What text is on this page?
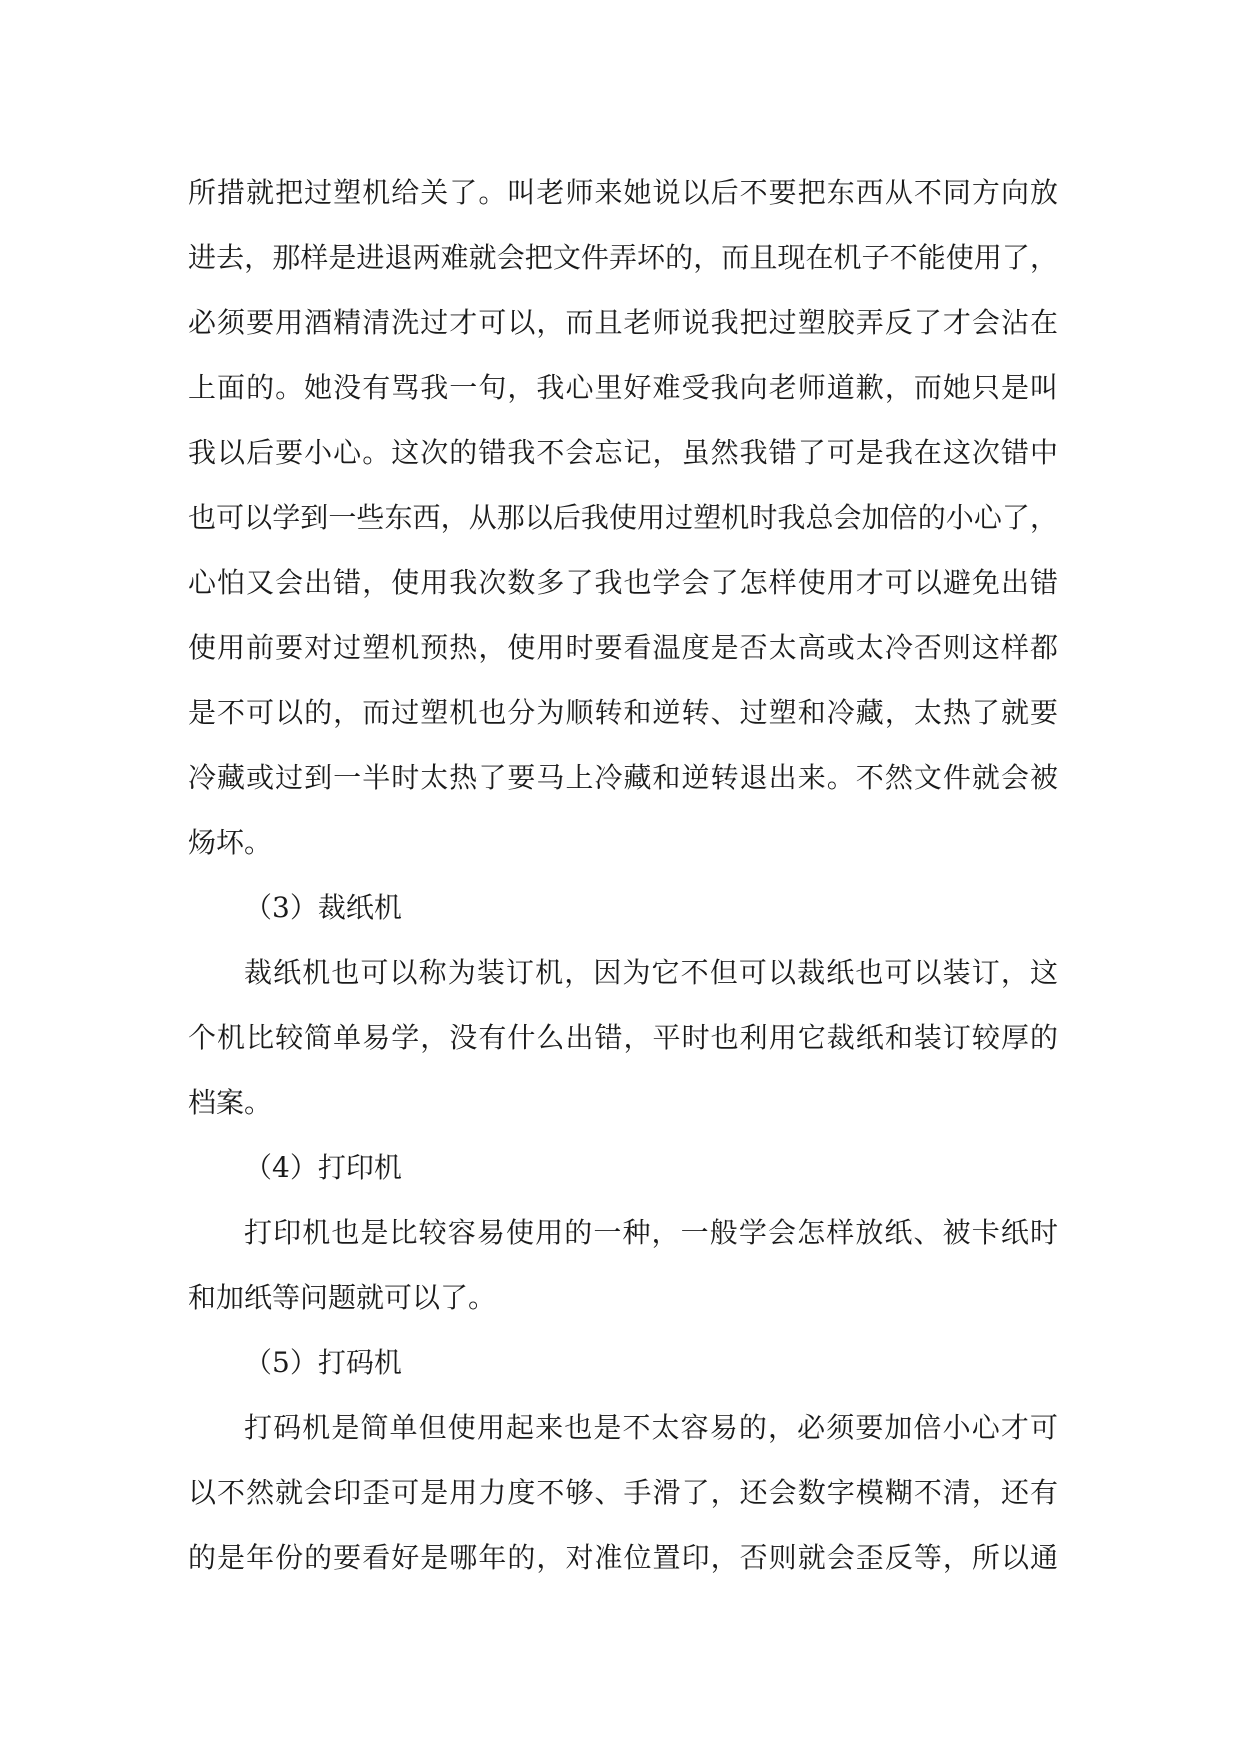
所措就把过塑机给关了。叫老师来她说以后不要把东西从不同方向放
进去，那样是进退两难就会把文件弄坏的，而且现在机子不能使用了，
必须要用酒精清洗过才可以，而且老师说我把过塑胶弄反了才会沾在
上面的。她没有骂我一句，我心里好难受我向老师道歉，而她只是叫
我以后要小心。这次的错我不会忘记，虽然我错了可是我在这次错中
也可以学到一些东西，从那以后我使用过塑机时我总会加倍的小心了，
心怕又会出错，使用我次数多了我也学会了怎样使用才可以避免出错
使用前要对过塑机预热，使用时要看温度是否太高或太冷否则这样都
是不可以的，而过塑机也分为顺转和逆转、过塑和冷藏，太热了就要
冷藏或过到一半时太热了要马上冷藏和逆转退出来。不然文件就会被
炀坏。
（3）裁纸机
裁纸机也可以称为装订机，因为它不但可以裁纸也可以装订，这
个机比较简单易学，没有什么出错，平时也利用它裁纸和装订较厚的
档案。
（4）打印机
打印机也是比较容易使用的一种，一般学会怎样放纸、被卡纸时
和加纸等问题就可以了。
（5）打码机
打码机是简单但使用起来也是不太容易的，必须要加倍小心才可
以不然就会印歪可是用力度不够、手滑了，还会数字模糊不清，还有
的是年份的要看好是哪年的，对准位置印，否则就会歪反等，所以通
